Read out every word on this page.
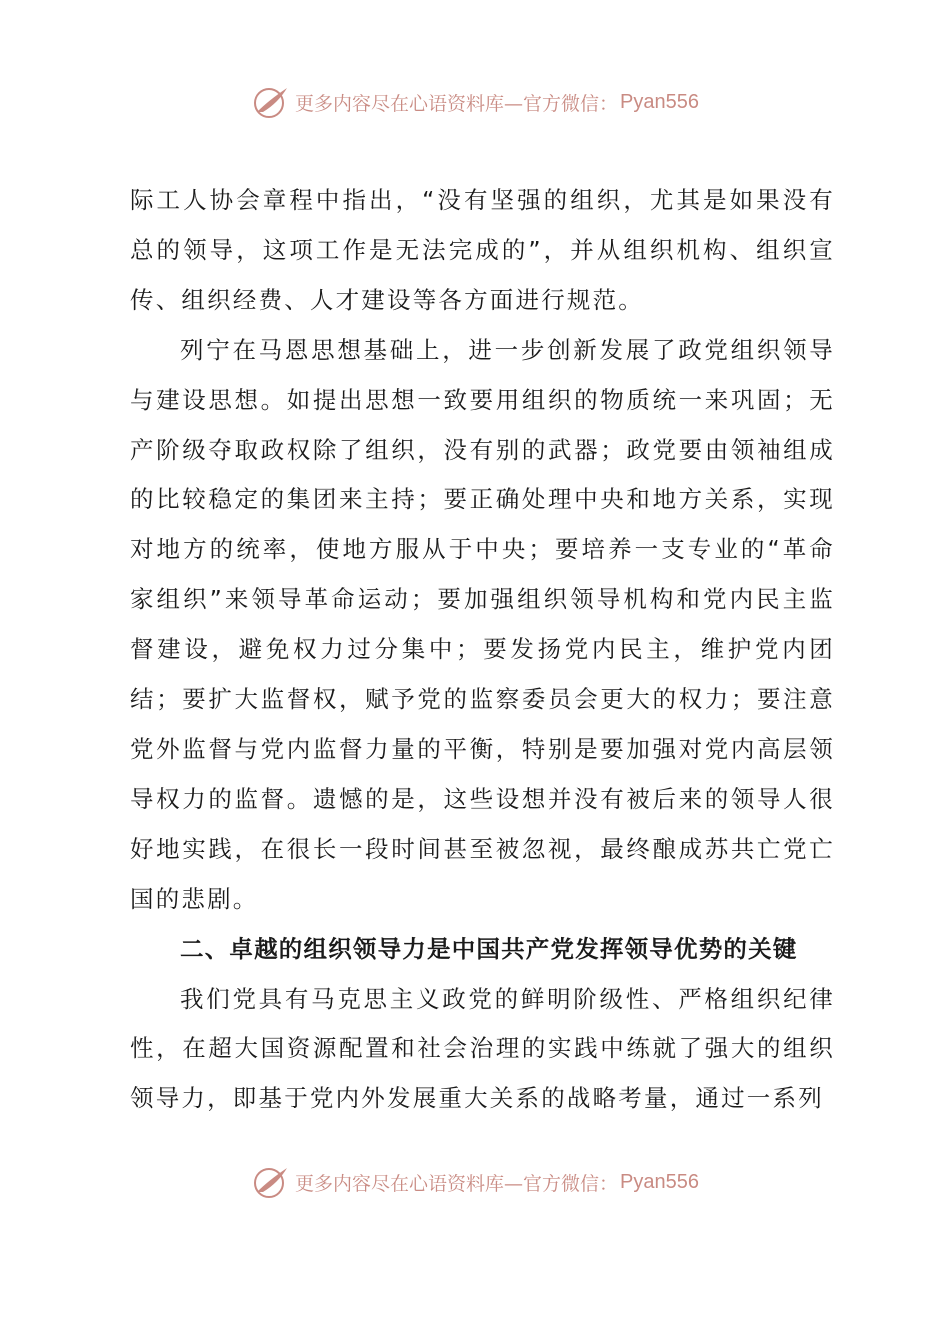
更多内容尽在心语资料库—官方微信： Pyan556

际工人协会章程中指出，“没有坚强的组织，尤其是如果没有总的领导，这项工作是无法完成的”，并从组织机构、组织宣传、组织经费、人才建设等各方面进行规范。

列宁在马恩思想基础上，进一步创新发展了政党组织领导与建设思想。如提出思想一致要用组织的物质统一来巩固；无产阶级夺取政权除了组织，没有别的武器；政党要由领袖组成的比较稳定的集团来主持；要正确处理中央和地方关系，实现对地方的统率，使地方服从于中央；要培养一支专业的“革命家组织”来领导革命运动；要加强组织领导机构和党内民主监督建设，避免权力过分集中；要发扬党内民主，维护党内团结；要扩大监督权，赋予党的监察委员会更大的权力；要注意党外监督与党内监督力量的平衡，特别是要加强对党内高层领导权力的监督。遗憾的是，这些设想并没有被后来的领导人很好地实践，在很长一段时间甚至被忽视，最终酿成苏共亡党亡国的悲剧。

二、卓越的组织领导力是中国共产党发挥领导优势的关键

我们党具有马克思主义政党的鲜明阶级性、严格组织纪律性，在超大国资源配置和社会治理的实践中练就了强大的组织领导力，即基于党内外发展重大关系的战略考量，通过一系列

更多内容尽在心语资料库—官方微信： Pyan556
